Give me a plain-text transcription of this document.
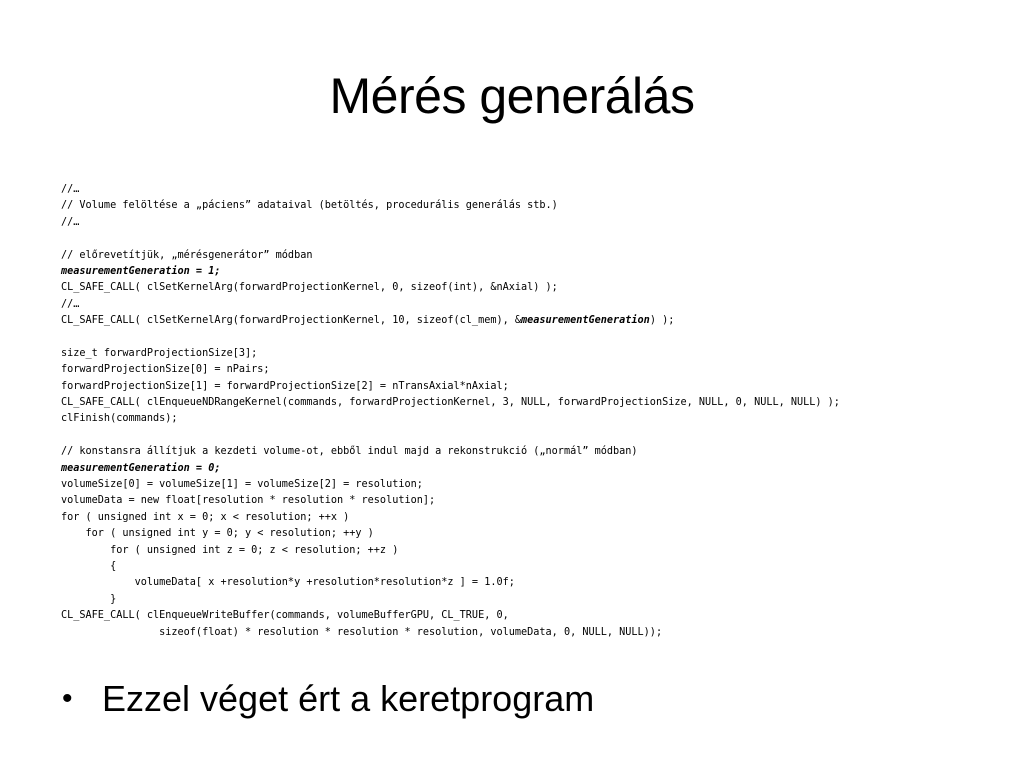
Mérés generálás
//…
// Volume felöltése a „páciens” adataival (betöltés, procedurális generálás stb.)
//…
// előrevetítjük, „mérésgenerátor” módban
measurementGeneration = 1;
CL_SAFE_CALL( clSetKernelArg(forwardProjectionKernel, 0, sizeof(int), &nAxial) );
//…
CL_SAFE_CALL( clSetKernelArg(forwardProjectionKernel, 10, sizeof(cl_mem), &measurementGeneration) );
size_t forwardProjectionSize[3];
forwardProjectionSize[0] = nPairs;
forwardProjectionSize[1] = forwardProjectionSize[2] = nTransAxial*nAxial;
CL_SAFE_CALL( clEnqueueNDRangeKernel(commands, forwardProjectionKernel, 3, NULL, forwardProjectionSize, NULL, 0, NULL, NULL) );
clFinish(commands);
// konstansra állítjuk a kezdeti volume-ot, ebből indul majd a rekonstrukció („normál” módban)
measurementGeneration = 0;
volumeSize[0] = volumeSize[1] = volumeSize[2] = resolution;
volumeData = new float[resolution * resolution * resolution];
for ( unsigned int x = 0; x < resolution; ++x )
for ( unsigned int y = 0; y < resolution; ++y )
for ( unsigned int z = 0; z < resolution; ++z )
{
volumeData[ x +resolution*y +resolution*resolution*z ] = 1.0f;
}
CL_SAFE_CALL( clEnqueueWriteBuffer(commands, volumeBufferGPU, CL_TRUE, 0,
sizeof(float) * resolution * resolution * resolution, volumeData, 0, NULL, NULL));
• Ezzel véget ért a keretprogram
